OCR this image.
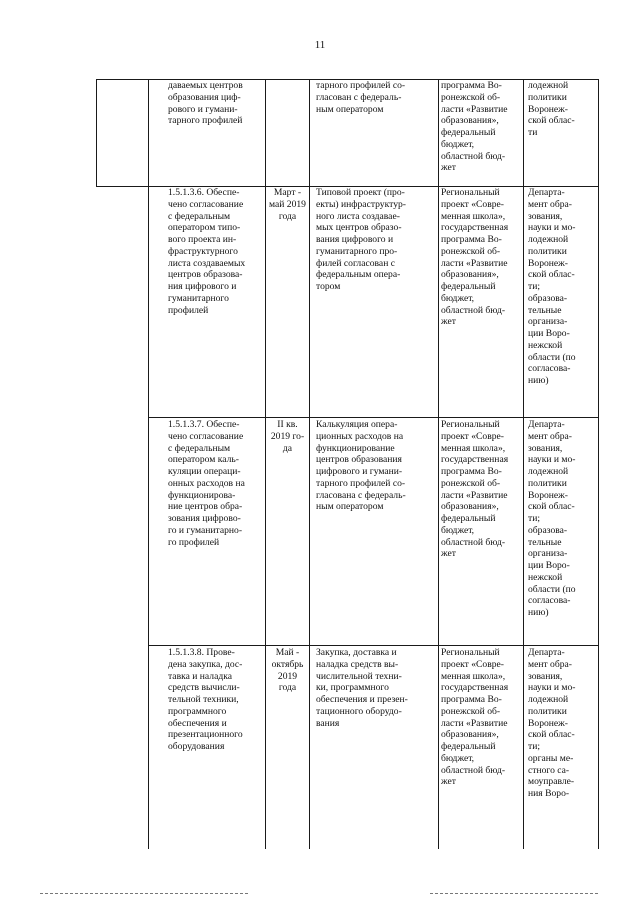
11
даваемых центров
образования циф-
рового и гумани-
тарного профилей
тарного профилей со-
гласован с федераль-
ным оператором
программа Во-
ронежской об-
ласти «Развитие
образования»,
федеральный
бюджет,
областной бюд-
жет
лодежной
политики
Воронеж-
ской облас-
ти
1.5.1.3.6. Обеспе-
чено согласование
с федеральным
оператором типо-
вого проекта ин-
фраструктурного
листа создаваемых
центров образова-
ния цифрового и
гуманитарного
профилей
Март -
май 2019
года
Типовой проект (про-
екты) инфраструктур-
ного листа создавае-
мых центров образо-
вания цифрового и
гуманитарного про-
филей согласован с
федеральным опера-
тором
Региональный
проект «Совре-
менная школа»,
государственная
программа Во-
ронежской об-
ласти «Развитие
образования»,
федеральный
бюджет,
областной бюд-
жет
Департа-
мент обра-
зования,
науки и мо-
лодежной
политики
Воронеж-
ской облас-
ти;
образова-
тельные
организа-
ции Воро-
нежской
области (по
согласова-
нию)
1.5.1.3.7. Обеспе-
чено согласование
с федеральным
оператором каль-
куляции операци-
онных расходов на
функционирова-
ние центров обра-
зования цифрово-
го и гуманитарно-
го профилей
II кв.
2019 го-
да
Калькуляция опера-
ционных расходов на
функционирование
центров образования
цифрового и гумани-
тарного профилей со-
гласована с федераль-
ным оператором
Региональный
проект «Совре-
менная школа»,
государственная
программа Во-
ронежской об-
ласти «Развитие
образования»,
федеральный
бюджет,
областной бюд-
жет
Департа-
мент обра-
зования,
науки и мо-
лодежной
политики
Воронеж-
ской облас-
ти;
образова-
тельные
организа-
ции Воро-
нежской
области (по
согласова-
нию)
1.5.1.3.8. Прове-
дена закупка, дос-
тавка и наладка
средств вычисли-
тельной техники,
программного
обеспечения и
презентационного
оборудования
Май -
октябрь
2019
года
Закупка, доставка и
наладка средств вы-
числительной техни-
ки, программного
обеспечения и презен-
тационного оборудо-
вания
Региональный
проект «Совре-
менная школа»,
государственная
программа Во-
ронежской об-
ласти «Развитие
образования»,
федеральный
бюджет,
областной бюд-
жет
Департа-
мент обра-
зования,
науки и мо-
лодежной
политики
Воронеж-
ской облас-
ти;
органы ме-
стного са-
моуправле-
ния Воро-
